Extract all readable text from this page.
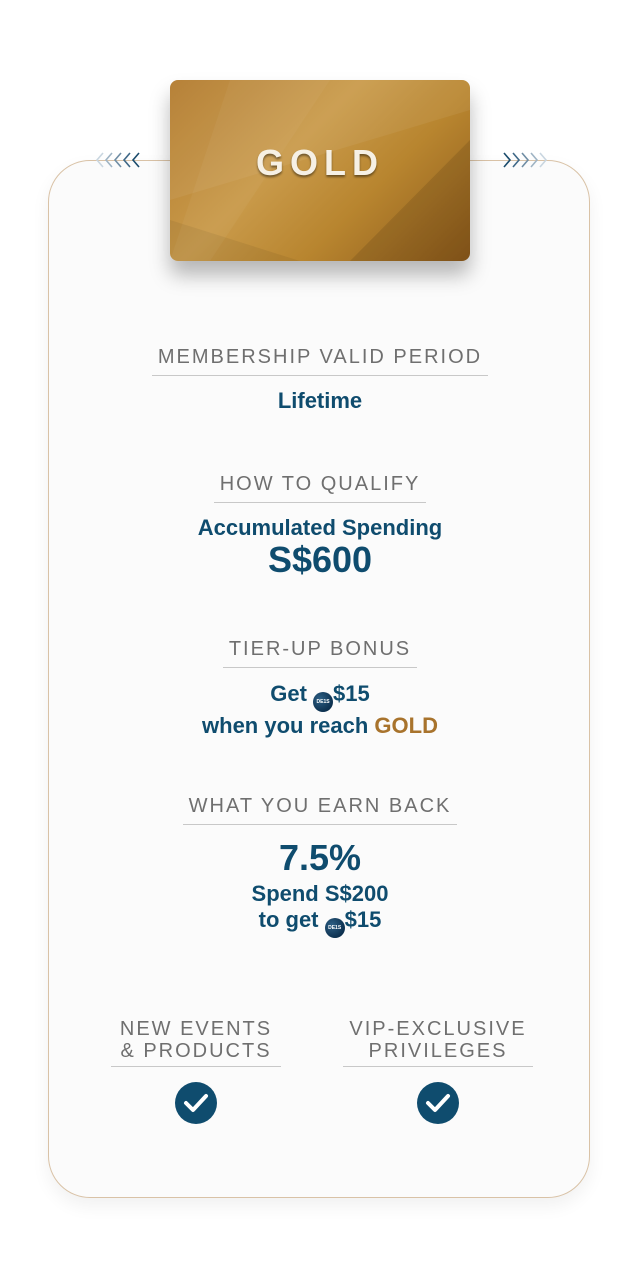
GOLD
MEMBERSHIP VALID PERIOD
Lifetime
HOW TO QUALIFY
Accumulated Spending
S$600
TIER-UP BONUS
Get DE1S $15
when you reach GOLD
WHAT YOU EARN BACK
7.5%
Spend S$200
to get DE1S $15
NEW EVENTS
& PRODUCTS
VIP-EXCLUSIVE
PRIVILEGES
